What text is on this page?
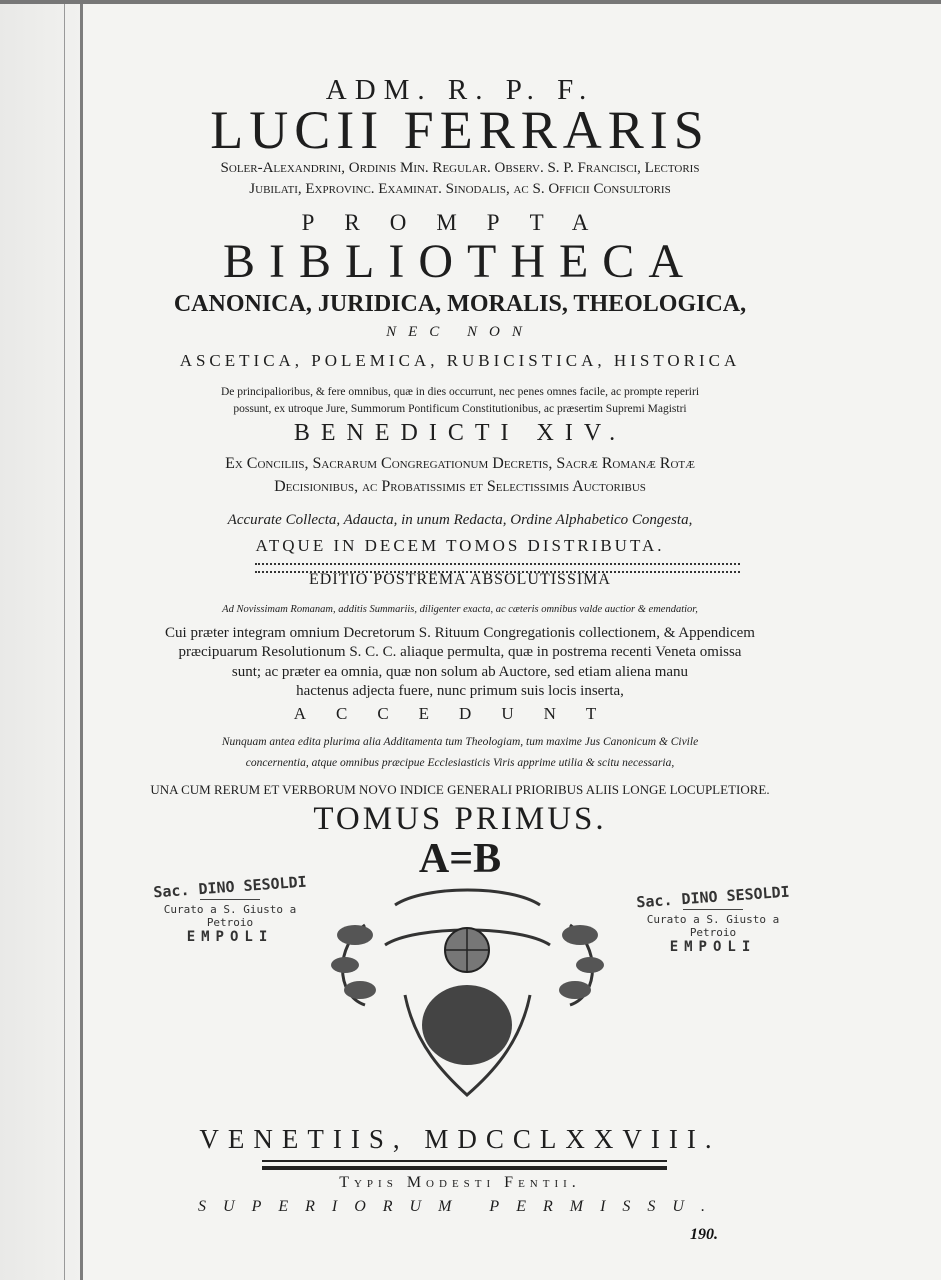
ADM. R. P. F.
LUCII FERRARIS
Soler-Alexandrini, Ordinis Min. Regular. Observ. S. P. Francisci, Lectoris
Jubilati, Exprovinc. Examinat. Sinodalis, ac S. Officii Consultoris
PROMPTA
BIBLIOTHECA
CANONICA, JURIDICA, MORALIS, THEOLOGICA,
NEC NON
ASCETICA, POLEMICA, RUBICISTICA, HISTORICA
De principalioribus, & fere omnibus, quæ in dies occurrunt, nec penes omnes facile, ac prompte reperiri
possunt, ex utroque Jure, Summorum Pontificum Constitutionibus, ac præsertim Supremi Magistri
BENEDICTI XIV.
Ex Conciliis, Sacrarum Congregationum Decretis, Sacræ Romanæ Rotæ
Decisionibus, ac Probatissimis et Selectissimis Auctoribus
Accurate Collecta, Adaucta, in unum Redacta, Ordine Alphabetico Congesta,
ATQUE IN DECEM TOMOS DISTRIBUTA.
EDITIO POSTREMA ABSOLUTISSIMA
Ad Novissimam Romanam, additis Summariis, diligenter exacta, ac cæteris omnibus valde auctior & emendatior,
Cui præter integram omnium Decretorum S. Rituum Congregationis collectionem, & Appendicem
præcipuarum Resolutionum S. C. C. aliaque permulta, quæ in postrema recenti Veneta omissa
sunt; ac præter ea omnia, quæ non solum ab Auctore, sed etiam aliena manu
hactenus adjecta fuere, nunc primum suis locis inserta,
ACCEDUNT
Nunquam antea edita plurima alia Additamenta tum Theologiam, tum maxime Jus Canonicum & Civile
concernentia, atque omnibus præcipue Ecclesiasticis Viris apprime utilia & scitu necessaria,
UNA CUM RERUM ET VERBORUM NOVO INDICE GENERALI PRIORIBUS ALIIS LONGE LOCUPLETIORE.
TOMUS PRIMUS.
A=B
Sac. DINO SESOLDI
Curato a S. Giusto a Petroio
EMPOLI
Sac. DINO SESOLDI
Curato a S. Giusto a Petroio
EMPOLI
VENETIIS, MDCCLXXVIII.
Typis Modesti Fentii.
SUPERIORUM PERMISSU.
190.
